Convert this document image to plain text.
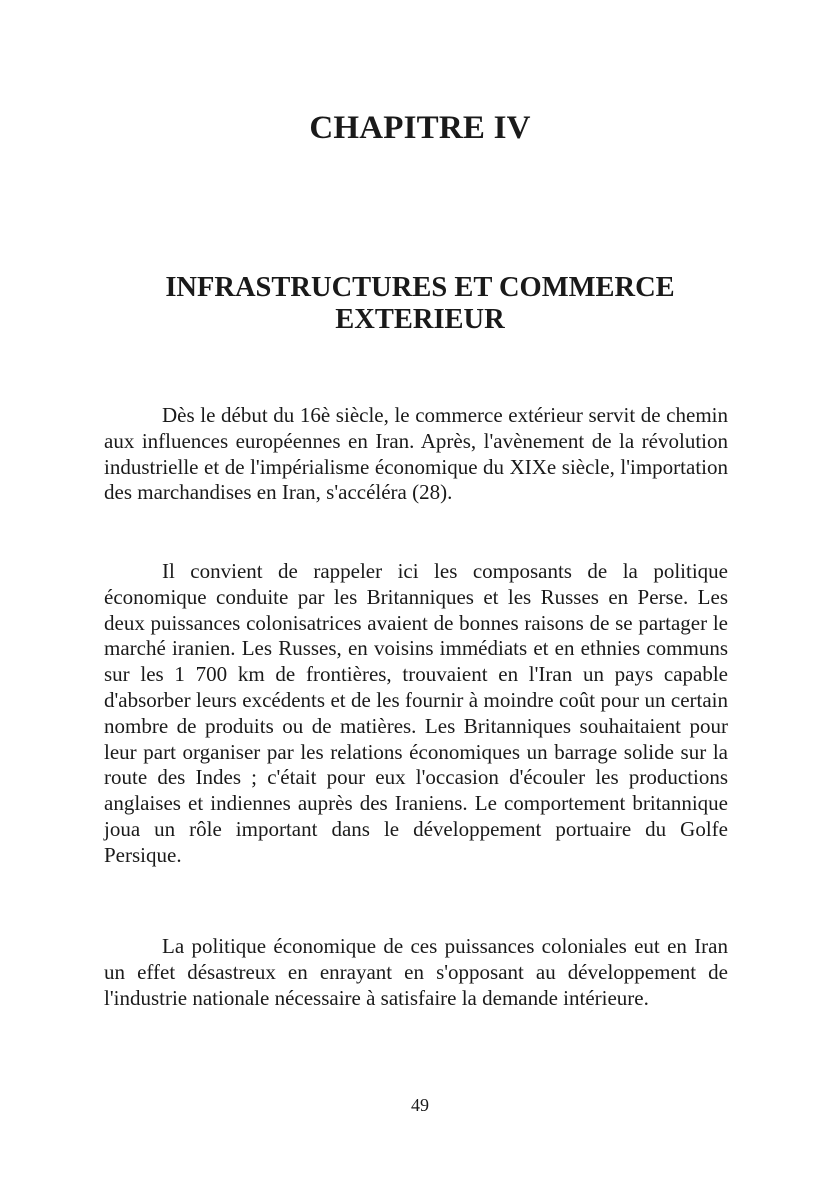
CHAPITRE IV
INFRASTRUCTURES ET COMMERCE
EXTERIEUR

Dès le début du 16è siècle, le commerce extérieur servit de chemin aux influences européennes en Iran. Après, l'avènement de la révolution industrielle et de l'impérialisme économique du XIXe siècle, l'importation des marchandises en Iran, s'accéléra (28).

Il convient de rappeler ici les composants de la politique économique conduite par les Britanniques et les Russes en Perse. Les deux puissances colonisatrices avaient de bonnes raisons de se partager le marché iranien. Les Russes, en voisins immédiats et en ethnies communs sur les 1 700 km de frontières, trouvaient en l'Iran un pays capable d'absorber leurs excédents et de les fournir à moindre coût pour un certain nombre de produits ou de matières. Les Britanniques souhaitaient pour leur part organiser par les relations économiques un barrage solide sur la route des Indes ; c'était pour eux l'occasion d'écouler les productions anglaises et indiennes auprès des Iraniens. Le comportement britannique joua un rôle important dans le développement portuaire du Golfe Persique.

La politique économique de ces puissances coloniales eut en Iran un effet désastreux en enrayant en s'opposant au développement de l'industrie nationale nécessaire à satisfaire la demande intérieure.

49
